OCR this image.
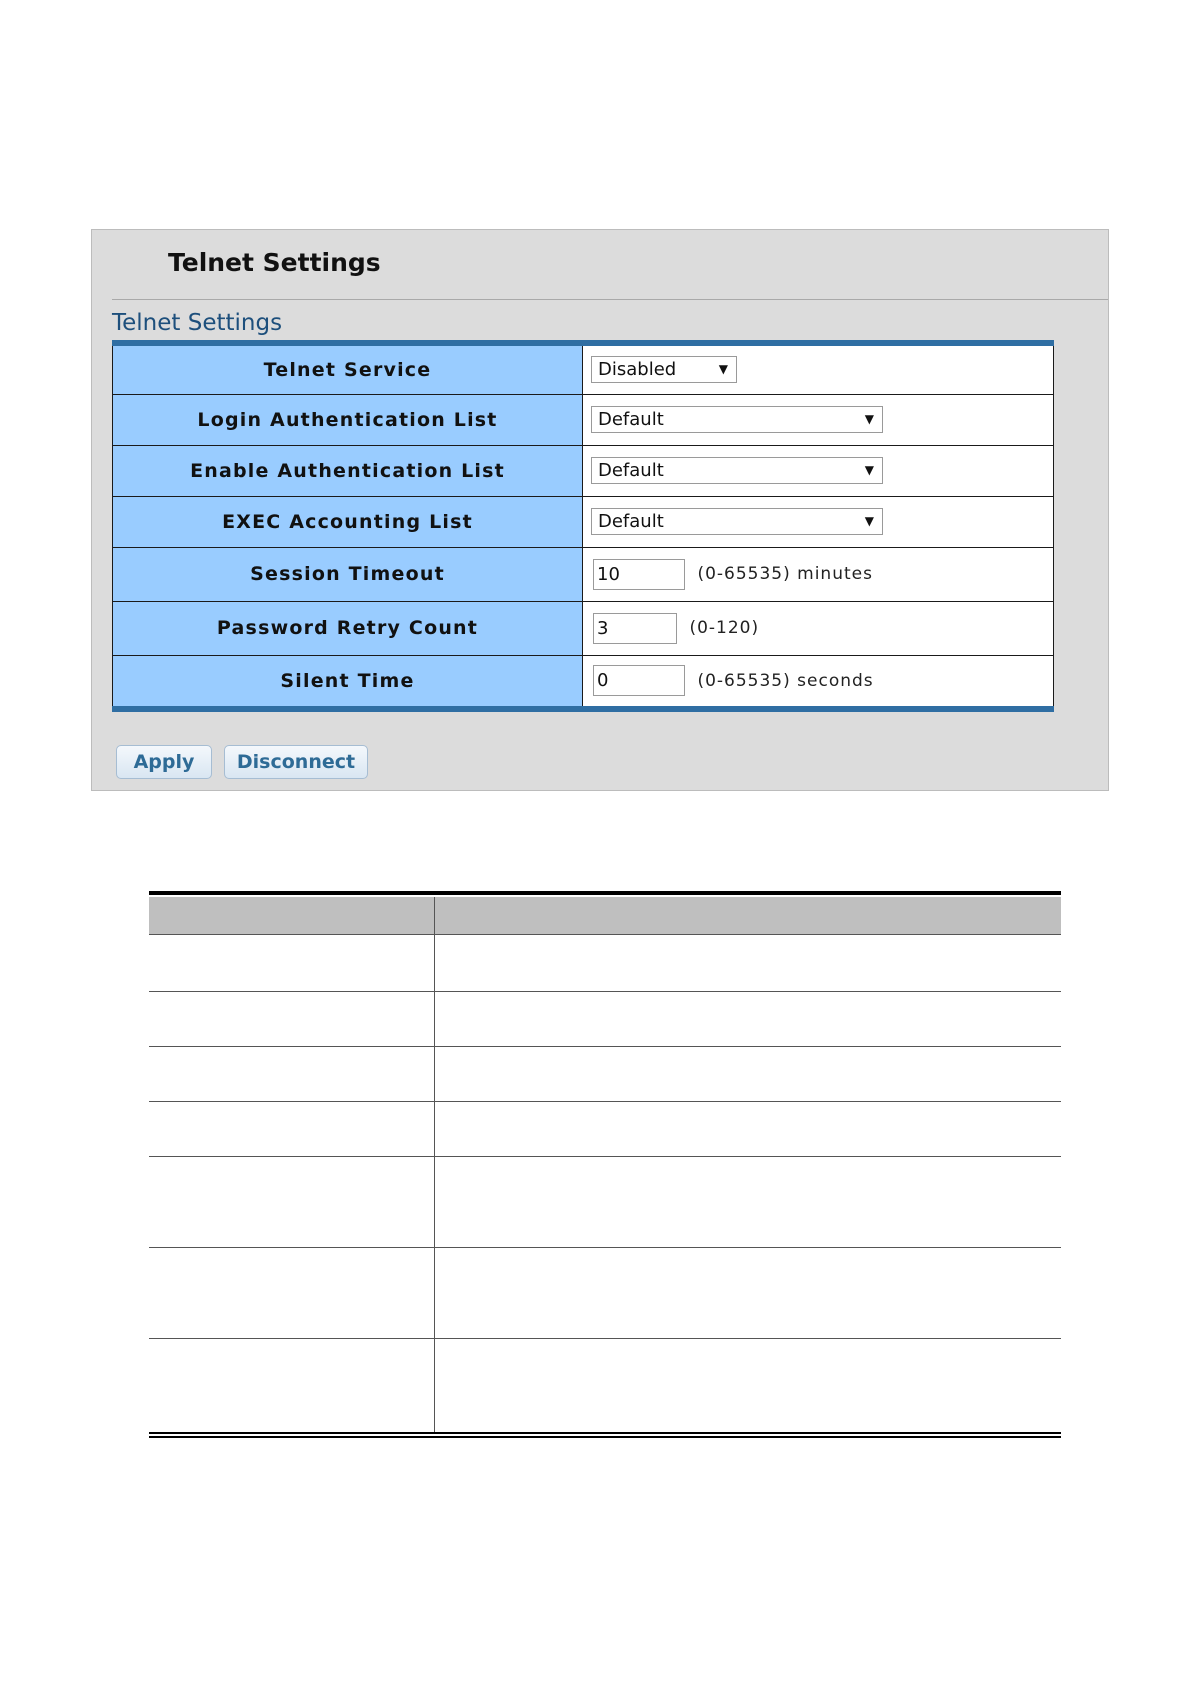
Telnet Settings
Telnet Settings
Telnet Service	Disabled ▼

Login Authentication List	Default ▼

Enable Authentication List	Default ▼

EXEC Accounting List	Default ▼

Session Timeout	10 (0-65535) minutes
Password Retry Count	3 (0-120)
Silent Time	0 (0-65535) seconds
Apply	Disconnect
